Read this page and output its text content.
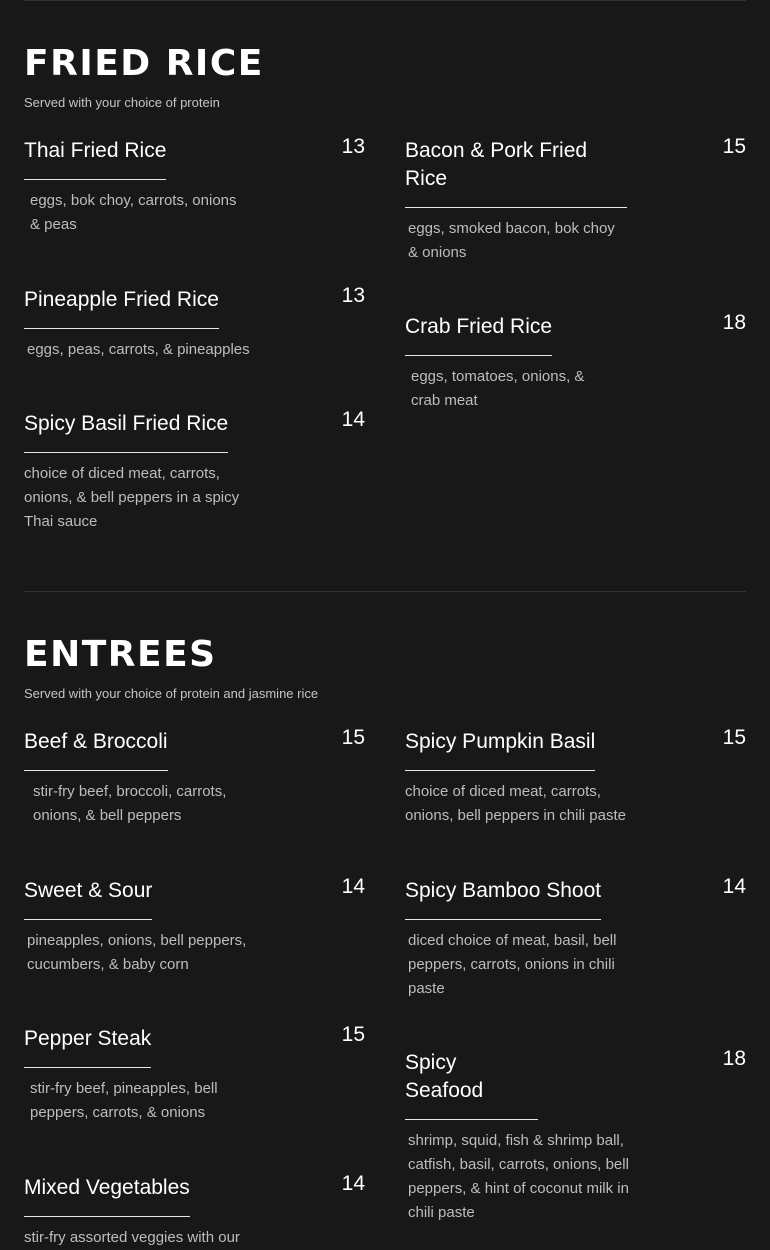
FRIED RICE

Served with your choice of protein

Thai Fried Rice	13
eggs, bok choy, carrots, onions & peas
Bacon & Pork Fried Rice
15
eggs, smoked bacon, bok choy & onions
Pineapple Fried Rice	13
eggs, peas, carrots, & pineapples
Crab Fried Rice	18
eggs, tomatoes, onions, & crab meat
Spicy Basil Fried Rice	14
choice of diced meat, carrots, onions, & bell peppers in a spicy Thai sauce
ENTREES

Served with your choice of protein and jasmine rice

Beef & Broccoli	15
stir-fry beef, broccoli, carrots, onions, & bell peppers
Spicy Pumpkin Basil	15
choice of diced meat, carrots, onions, bell peppers in chili paste
Sweet & Sour	14
pineapples, onions, bell peppers, cucumbers, & baby corn
Spicy Bamboo Shoot	14
diced choice of meat, basil, bell peppers, carrots, onions in chili paste
Pepper Steak	15
stir-fry beef, pineapples, bell peppers, carrots, & onions
Spicy Seafood
18
shrimp, squid, fish & shrimp ball, catfish, basil, carrots, onions, bell peppers, & hint of coconut milk in chili paste
Mixed Vegetables	14
stir-fry assorted veggies with our
